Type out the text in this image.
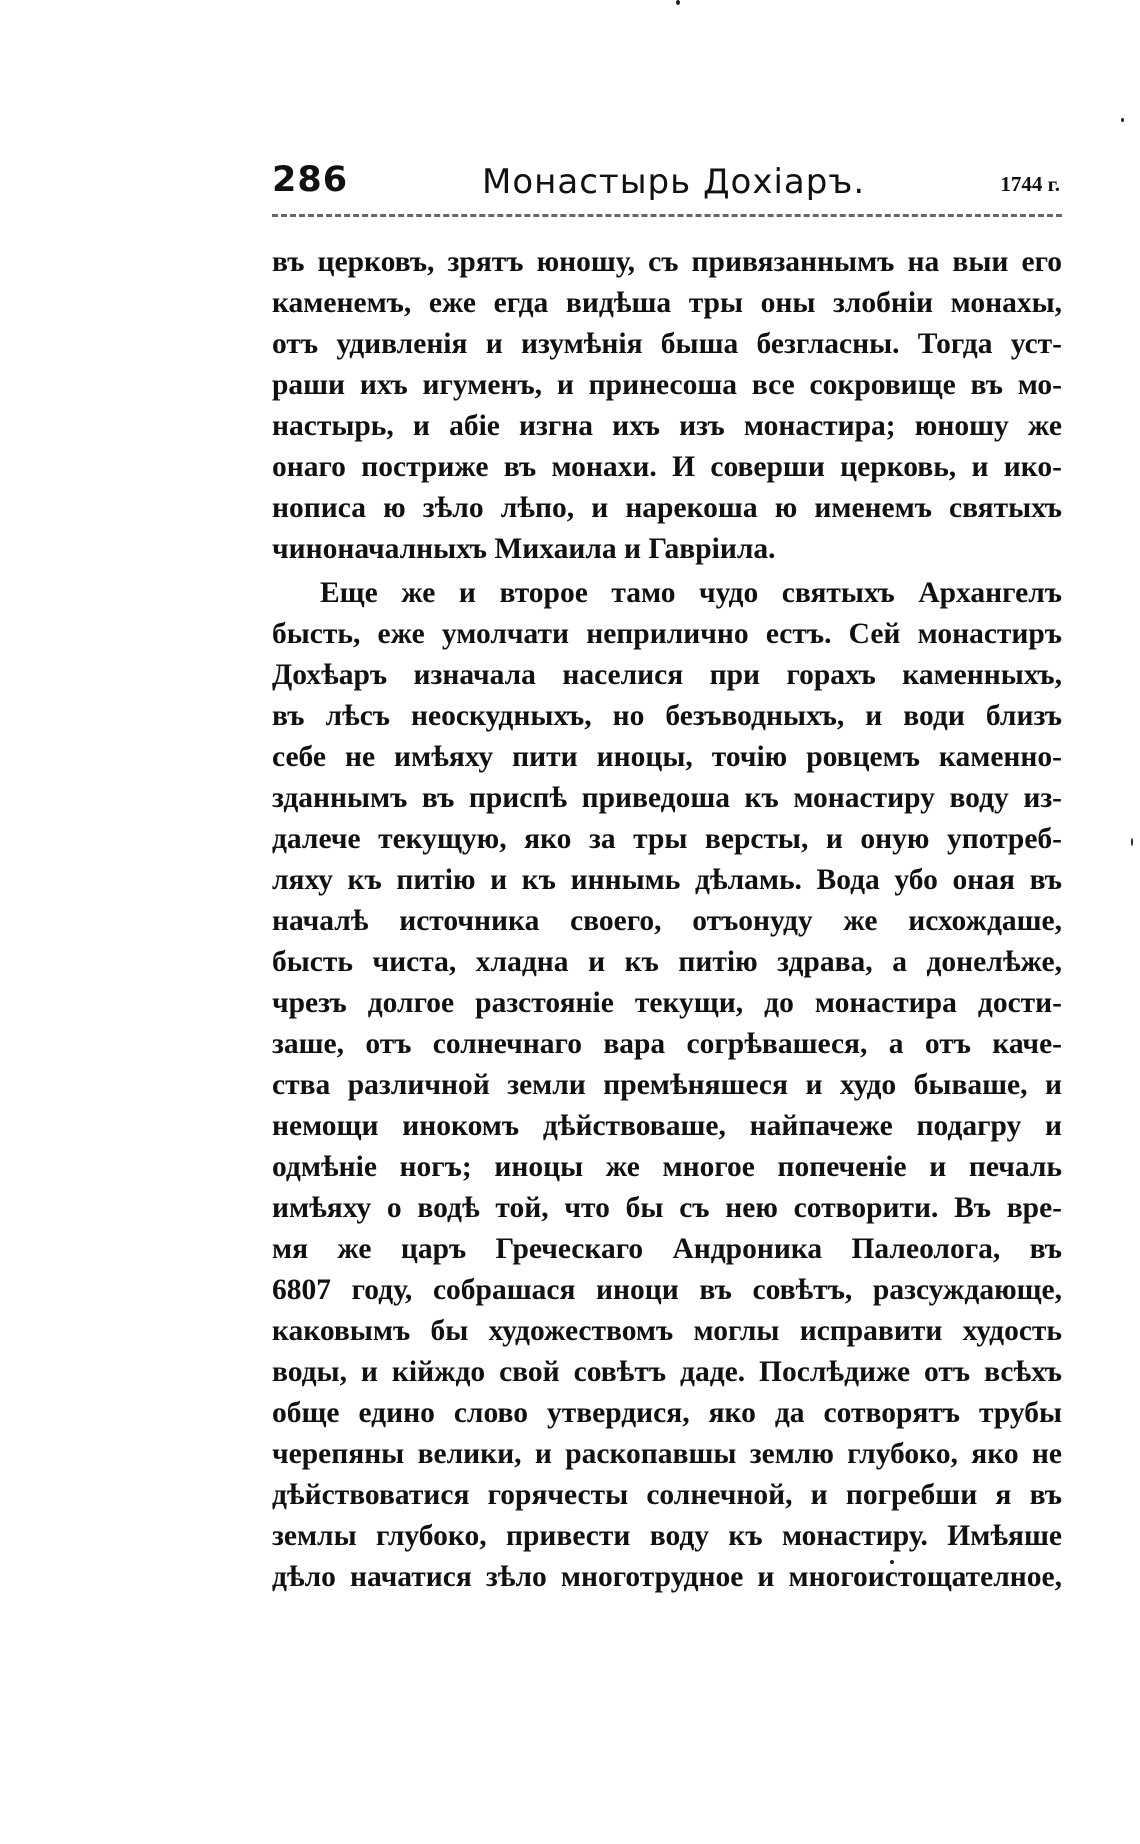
286	Монастырь Дохіаръ.	1744 г.
въ церковъ, зрятъ юношу, съ привязаннымъ на выи его
каменемъ, еже егда видѣша тры оны злобніи монахы,
отъ удивленія и изумѣнія быша безгласны. Тогда уст-
раши ихъ игуменъ, и принесоша все сокровище въ мо-
настырь, и абіе изгна ихъ изъ монастира; юношу же
онаго постриже въ монахи. И соверши церковь, и ико-
нописа ю зѣло лѣпо, и нарекоша ю именемъ святыхъ
чиноначалныхъ Михаила и Гавріила.
Еще же и второе тамо чудо святыхъ Архангелъ
бысть, еже умолчати неприлично естъ. Сей монастиръ
Дохѣаръ изначала населися при горахъ каменныхъ,
въ лѣсъ неоскудныхъ, но безъводныхъ, и води близъ
себе не имѣяху пити иноцы, точію ровцемъ каменно-
зданнымъ въ приспѣ приведоша къ монастиру воду из-
далече текущую, яко за тры версты, и оную употреб-
ляху къ питію и къ иннымь дѣламь. Вода убо оная въ
началѣ источника своего, отъонуду же исхождаше,
бысть чиста, хладна и къ питію здрава, а донелѣже,
чрезъ долгое разстояніе текущи, до монастира дости-
заше, отъ солнечнаго вара согрѣвашеся, а отъ каче-
ства различной земли премѣняшеся и худо бываше, и
немощи инокомъ дѣйствоваше, найпачеже подагру и
одмѣніе ногъ; иноцы же многое попеченіе и печаль
имѣяху о водѣ той, что бы съ нею сотворити. Въ вре-
мя же царъ Греческаго Андроника Палеолога, въ
6807 году, собрашася иноци въ совѣтъ, разсуждающе,
каковымъ бы художествомъ моглы исправити худость
воды, и кійждо свой совѣтъ даде. Послѣдиже отъ всѣхъ
обще едино слово утвердися, яко да сотворятъ трубы
черепяны велики, и раскопавшы землю глубоко, яко не
дѣйствоватися горячесты солнечной, и погребши я въ
землы глубоко, привести воду къ монастиру. Имѣяше
дѣло начатися зѣло многотрудное и многоистощателное,
